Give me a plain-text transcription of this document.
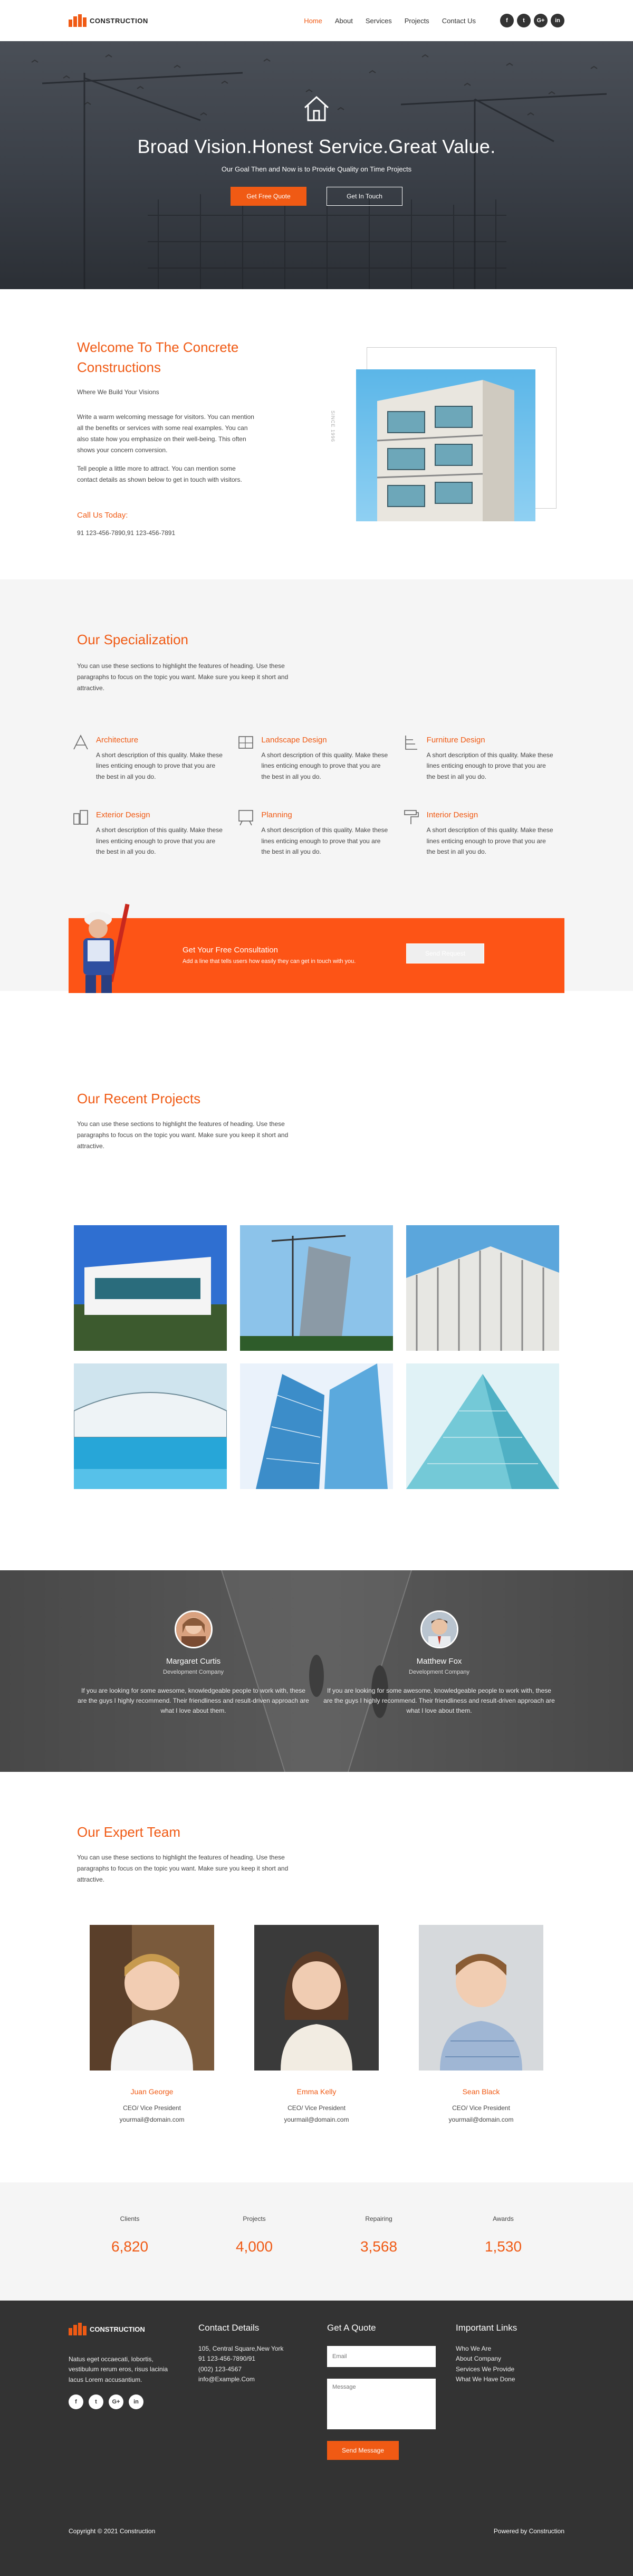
CONSTRUCTION	Home About Services Projects Contact Us	f	t	G+	in
Broad Vision.Honest Service.Great Value.

Our Goal Then and Now is to Provide Quality on Time Projects

Get Free Quote	Get In Touch
Welcome To The Concrete Constructions

Where We Build Your Visions

Write a warm welcoming message for visitors. You can mention all the benefits or services with some real examples. You can also state how you emphasize on their well-being. This often shows your concern conversion.

Tell people a little more to attract. You can mention some contact details as shown below to get in touch with visitors.

Call Us Today:

91 123-456-7890,91 123-456-7891

SINCE 1996
Our Specialization

You can use these sections to highlight the features of heading. Use these paragraphs to focus on the topic you want. Make sure you keep it short and attractive.

Architecture

A short description of this quality. Make these lines enticing enough to prove that you are the best in all you do.

Landscape Design

A short description of this quality. Make these lines enticing enough to prove that you are the best in all you do.

Furniture Design

A short description of this quality. Make these lines enticing enough to prove that you are the best in all you do.

Exterior Design

A short description of this quality. Make these lines enticing enough to prove that you are the best in all you do.

Planning

A short description of this quality. Make these lines enticing enough to prove that you are the best in all you do.

Interior Design

A short description of this quality. Make these lines enticing enough to prove that you are the best in all you do.

Get Your Free Consultation
Add a line that tells users how easily they can get in touch with you.
Send Request
Our Recent Projects

You can use these sections to highlight the features of heading. Use these paragraphs to focus on the topic you want. Make sure you keep it short and attractive.

Margaret Curtis
Development Company
If you are looking for some awesome, knowledgeable people to work with, these are the guys I highly recommend. Their friendliness and result-driven approach are what I love about them.
Matthew Fox
Development Company
If you are looking for some awesome, knowledgeable people to work with, these are the guys I highly recommend. Their friendliness and result-driven approach are what I love about them.
Our Expert Team

You can use these sections to highlight the features of heading. Use these paragraphs to focus on the topic you want. Make sure you keep it short and attractive.

Juan George
CEO/ Vice President
yourmail@domain.com
Emma Kelly
CEO/ Vice President
yourmail@domain.com
Sean Black
CEO/ Vice President
yourmail@domain.com
Clients
6,820
Projects
4,000
Repairing
3,568
Awards
1,530
CONSTRUCTION

Natus eget occaecati, lobortis, vestibulum rerum eros, risus lacinia lacus Lorem accusantium.

f	t	G+	in
Contact Details
105, Central Square,New York
91 123-456-7890/91
(002) 123-4567
info@Example.Com
Get A Quote
Email
Message Send Message
Important Links
Who We Are
About Company
Services We Provide
What We Have Done
Copyright © 2021 Construction	Powered by Construction
